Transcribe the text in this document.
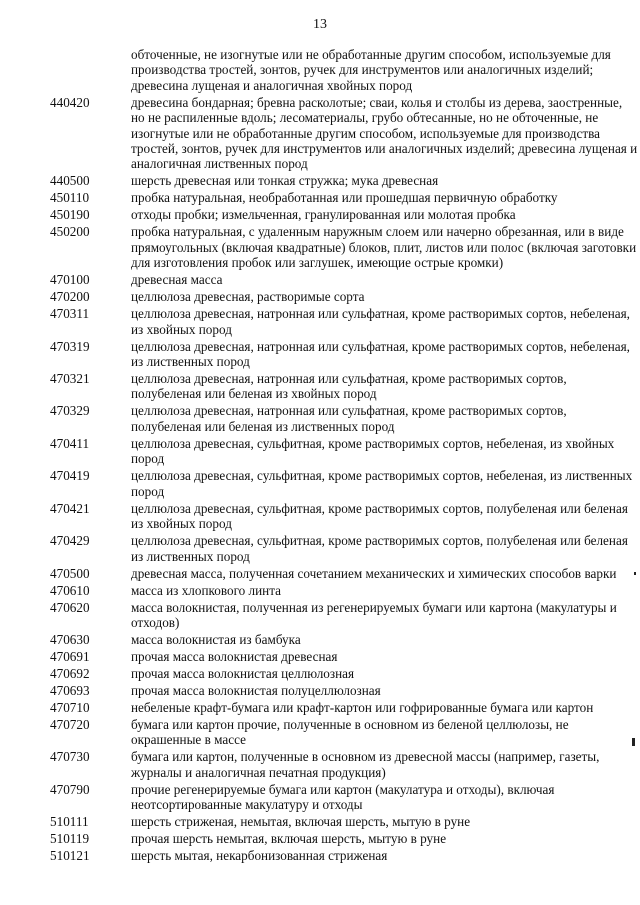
13
обточенные, не изогнутые или не обработанные другим способом, используемые для производства тростей, зонтов, ручек для инструментов или аналогичных изделий; древесина лущеная и аналогичная хвойных пород
440420	древесина бондарная; бревна расколотые; сваи, колья и столбы из дерева, заостренные, но не распиленные вдоль; лесоматериалы, грубо обтесанные, но не обточенные, не изогнутые или не обработанные другим способом, используемые для производства тростей, зонтов, ручек для инструментов или аналогичных изделий; древесина лущеная и аналогичная лиственных пород
440500	шерсть древесная или тонкая стружка; мука древесная
450110	пробка натуральная, необработанная или прошедшая первичную обработку
450190	отходы пробки; измельченная, гранулированная или молотая пробка
450200	пробка натуральная, с удаленным наружным слоем или начерно обрезанная, или в виде прямоугольных (включая квадратные) блоков, плит, листов или полос (включая заготовки для изготовления пробок или заглушек, имеющие острые кромки)
470100	древесная масса
470200	целлюлоза древесная, растворимые сорта
470311	целлюлоза древесная, натронная или сульфатная, кроме растворимых сортов, небеленая, из хвойных пород
470319	целлюлоза древесная, натронная или сульфатная, кроме растворимых сортов, небеленая, из лиственных пород
470321	целлюлоза древесная, натронная или сульфатная, кроме растворимых сортов, полубеленая или беленая из хвойных пород
470329	целлюлоза древесная, натронная или сульфатная, кроме растворимых сортов, полубеленая или беленая из лиственных пород
470411	целлюлоза древесная, сульфитная, кроме растворимых сортов, небеленая, из хвойных пород
470419	целлюлоза древесная, сульфитная, кроме растворимых сортов, небеленая, из лиственных пород
470421	целлюлоза древесная, сульфитная, кроме растворимых сортов, полубеленая или беленая из хвойных пород
470429	целлюлоза древесная, сульфитная, кроме растворимых сортов, полубеленая или беленая из лиственных пород
470500	древесная масса, полученная сочетанием механических и химических способов варки
470610	масса из хлопкового линта
470620	масса волокнистая, полученная из регенерируемых бумаги или картона (макулатуры и отходов)
470630	масса волокнистая из бамбука
470691	прочая масса волокнистая древесная
470692	прочая масса волокнистая целлюлозная
470693	прочая масса волокнистая полуцеллюлозная
470710	небеленые крафт-бумага или крафт-картон или гофрированные бумага или картон
470720	бумага или картон прочие, полученные в основном из беленой целлюлозы, не окрашенные в массе
470730	бумага или картон, полученные в основном из древесной массы (например, газеты, журналы и аналогичная печатная продукция)
470790	прочие регенерируемые бумага или картон (макулатура и отходы), включая неотсортированные макулатуру и отходы
510111	шерсть стриженая, немытая, включая шерсть, мытую в руне
510119	прочая шерсть немытая, включая шерсть, мытую в руне
510121	шерсть мытая, некарбонизованная стриженая
